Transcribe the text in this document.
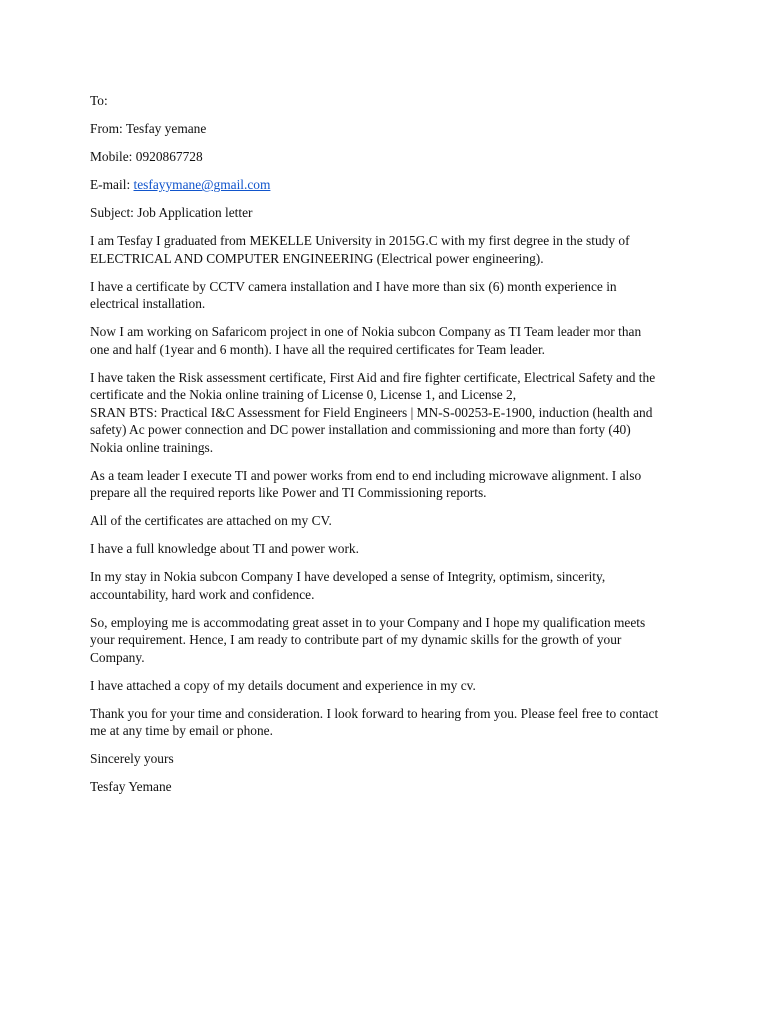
To:
From: Tesfay yemane
Mobile: 0920867728
E-mail: tesfayymane@gmail.com
Subject: Job Application letter
I am Tesfay I graduated from MEKELLE University in 2015G.C with my first degree in the study of
ELECTRICAL AND COMPUTER ENGINEERING (Electrical power engineering).
I have a certificate by CCTV camera installation and I have more than six (6) month experience in
electrical installation.
Now I am working on Safaricom project in one of Nokia subcon Company as TI Team leader mor than
one and half (1year and 6 month). I have all the required certificates for Team leader.
I have taken the Risk assessment certificate, First Aid and fire fighter certificate, Electrical Safety and the
certificate and the Nokia online training of License 0, License 1, and License 2,
SRAN BTS: Practical I&C Assessment for Field Engineers | MN-S-00253-E-1900, induction (health and
safety) Ac power connection and DC power installation and commissioning and more than forty (40)
Nokia online trainings.
As a team leader I execute TI and power works from end to end including microwave alignment. I also
prepare all the required reports like Power and TI Commissioning reports.
All of the certificates are attached on my CV.
I have a full knowledge about TI and power work.
In my stay in Nokia subcon Company I have developed a sense of Integrity, optimism, sincerity,
accountability, hard work and confidence.
So, employing me is accommodating great asset in to your Company and I hope my qualification meets
your requirement. Hence, I am ready to contribute part of my dynamic skills for the growth of your
Company.
I have attached a copy of my details document and experience in my cv.
Thank you for your time and consideration. I look forward to hearing from you. Please feel free to contact
me at any time by email or phone.
Sincerely yours
Tesfay Yemane
